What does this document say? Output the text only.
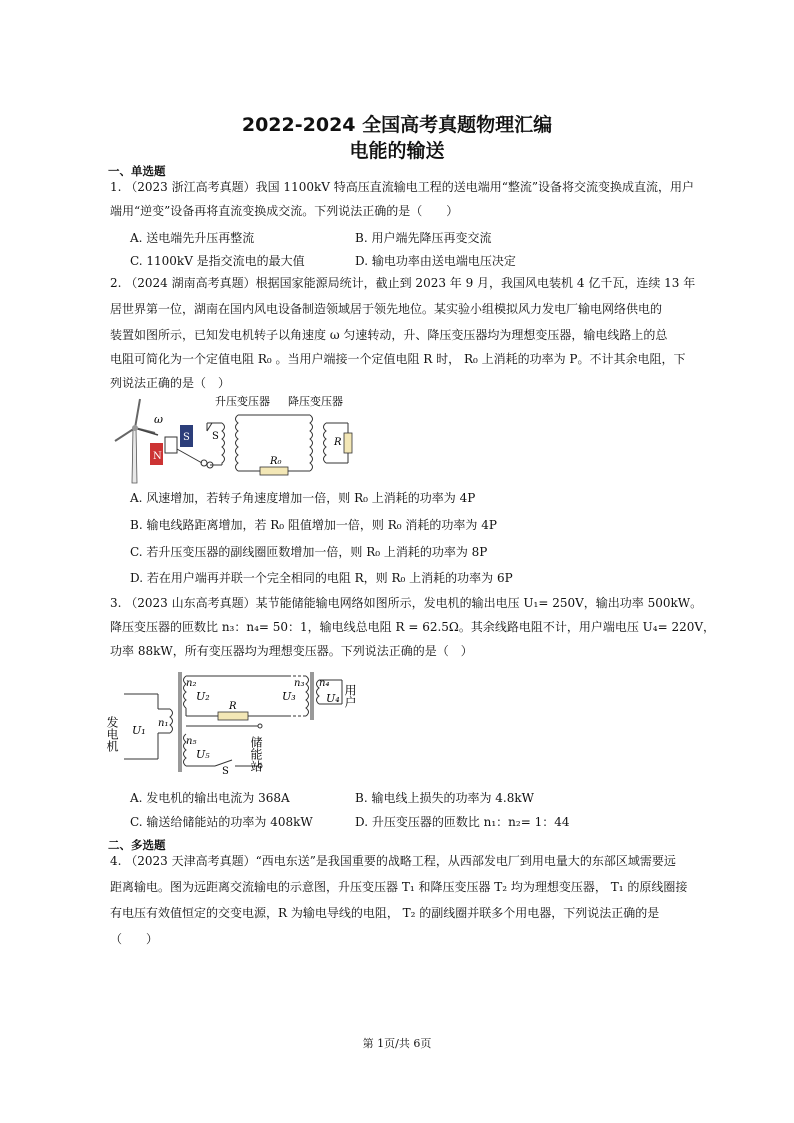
2022-2024 全国高考真题物理汇编
电能的输送
一、单选题
1. （2023 浙江高考真题）我国 1100kV 特高压直流输电工程的送电端用“整流”设备将交流变换成直流，用户
端用“逆变”设备再将直流变换成交流。下列说法正确的是（　　）
A. 送电端先升压再整流	B. 用户端先降压再变交流
C. 1100kV 是指交流电的最大值	D. 输电功率由送电端电压决定
2. （2024 湖南高考真题）根据国家能源局统计，截止到 2023 年 9 月，我国风电装机 4 亿千瓦，连续 13 年
居世界第一位，湖南在国内风电设备制造领域居于领先地位。某实验小组模拟风力发电厂输电网络供电的
装置如图所示，已知发电机转子以角速度 ω 匀速转动，升、降压变压器均为理想变压器，输电线路上的总
电阻可简化为一个定值电阻 R₀ 。当用户端接一个定值电阻 R 时， R₀ 上消耗的功率为 P。不计其余电阻，下
列说法正确的是（　）
N
S
ω
S
升压变压器
R₀
降压变压器
R
A. 风速增加，若转子角速度增加一倍，则 R₀ 上消耗的功率为 4P
B. 输电线路距离增加，若 R₀ 阻值增加一倍，则 R₀ 消耗的功率为 4P
C. 若升压变压器的副线圈匝数增加一倍，则 R₀ 上消耗的功率为 8P
D. 若在用户端再并联一个完全相同的电阻 R，则 R₀ 上消耗的功率为 6P
3. （2023 山东高考真题）某节能储能输电网络如图所示，发电机的输出电压 U₁= 250V，输出功率 500kW。
降压变压器的匝数比 n₃：n₄= 50：1，输电线总电阻 R = 62.5Ω。其余线路电阻不计，用户端电压 U₄= 220V，
功率 88kW，所有变压器均为理想变压器。下列说法正确的是（　）
发电机 U₁
n₁
n₂
U₂
R
n₃
U₃
n₄
U₄ 用户
n₅
U₅
S 储能站
A. 发电机的输出电流为 368A	B. 输电线上损失的功率为 4.8kW
C. 输送给储能站的功率为 408kW	D. 升压变压器的匝数比 n₁：n₂= 1：44
二、多选题
4. （2023 天津高考真题）“西电东送”是我国重要的战略工程，从西部发电厂到用电量大的东部区域需要远
距离输电。图为远距离交流输电的示意图，升压变压器 T₁ 和降压变压器 T₂ 均为理想变压器， T₁ 的原线圈接
有电压有效值恒定的交变电源，R 为输电导线的电阻， T₂ 的副线圈并联多个用电器，下列说法正确的是
（　　）
第 1页/共 6页
